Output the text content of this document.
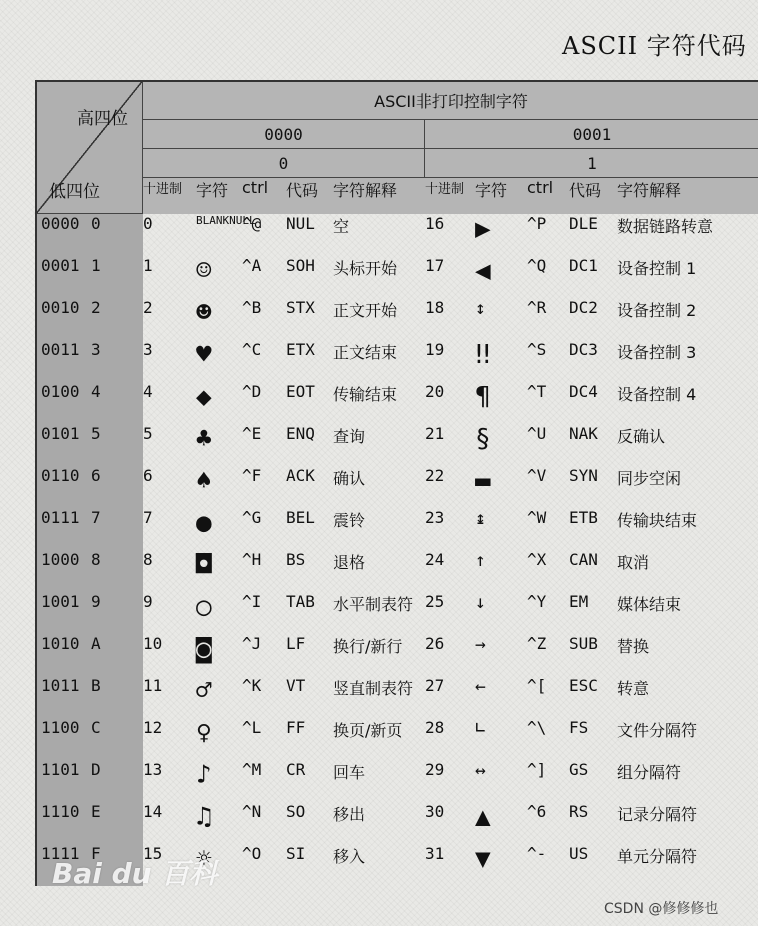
ASCII 字符代码
高四位
低四位
ASCII非打印控制字符
0000	0001
0	1
Bai du 百科
CSDN @修修修也
